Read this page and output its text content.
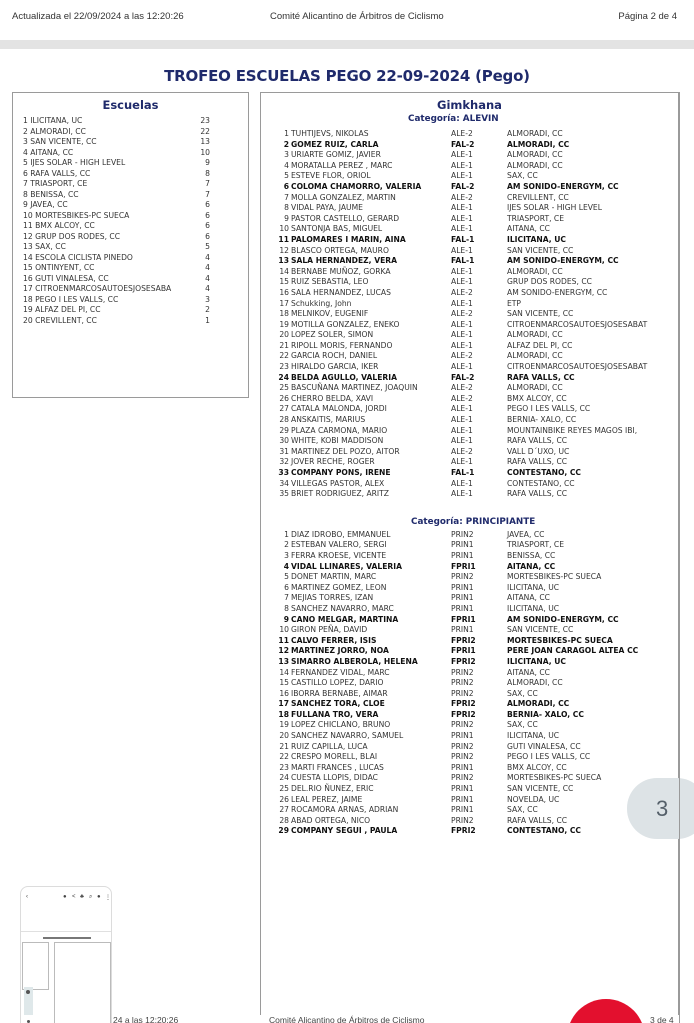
Actualizada el 22/09/2024 a las 12:20:26	Comité Alicantino de Árbitros de Ciclismo	Página 2 de 4
TROFEO ESCUELAS PEGO 22-09-2024 (Pego)
Escuelas
1 ILICITANA, UC	23
2 ALMORADI, CC	22
3 SAN VICENTE, CC	13
4 AITANA, CC	10
5 IJES SOLAR - HIGH LEVEL	9
6 RAFA VALLS, CC	8
7 TRIASPORT, CE	7
8 BENISSA, CC	7
9 JAVEA, CC	6
10 MORTESBIKES-PC SUECA	6
11 BMX ALCOY, CC	6
12 GRUP DOS RODES, CC	6
13 SAX, CC	5
14 ESCOLA CICLISTA PINEDO	4
15 ONTINYENT, CC	4
16 GUTI VINALESA, CC	4
17 CITROENMARCOSAUTOESJOSESABA	4
18 PEGO I LES VALLS, CC	3
19 ALFAZ DEL PI, CC	2
20 CREVILLENT, CC	1
Gimkhana
Categoría: ALEVIN
1 TUHTIJEVS, NIKOLAS	ALE-2	ALMORADI, CC
2 GOMEZ RUIZ, CARLA	FAL-2	ALMORADI, CC
3 URIARTE GOMIZ, JAVIER	ALE-1	ALMORADI, CC
4 MORATALLA PEREZ , MARC	ALE-1	ALMORADI, CC
5 ESTEVE FLOR, ORIOL	ALE-1	SAX, CC
6 COLOMA CHAMORRO, VALERIA	FAL-2	AM SONIDO-ENERGYM, CC
7 MOLLA GONZALEZ, MARTIN	ALE-2	CREVILLENT, CC
8 VIDAL PAYA, JAUME	ALE-1	IJES SOLAR - HIGH LEVEL
9 PASTOR CASTELLO, GERARD	ALE-1	TRIASPORT, CE
10 SANTONJA BAS, MIGUEL	ALE-1	AITANA, CC
11 PALOMARES I MARIN, AINA	FAL-1	ILICITANA, UC
12 BLASCO ORTEGA, MAURO	ALE-1	SAN VICENTE, CC
13 SALA HERNANDEZ, VERA	FAL-1	AM SONIDO-ENERGYM, CC
14 BERNABE MUÑOZ, GORKA	ALE-1	ALMORADI, CC
15 RUIZ SEBASTIA, LEO	ALE-1	GRUP DOS RODES, CC
16 SALA HERNANDEZ, LUCAS	ALE-2	AM SONIDO-ENERGYM, CC
17 Schukking, John	ALE-1	ETP
18 MELNIKOV, EUGENIF	ALE-2	SAN VICENTE, CC
19 MOTILLA GONZALEZ, ENEKO	ALE-1	CITROENMARCOSAUTOESJOSESABAT
20 LOPEZ SOLER, SIMON	ALE-1	ALMORADI, CC
21 RIPOLL MORIS, FERNANDO	ALE-1	ALFAZ DEL PI, CC
22 GARCIA ROCH, DANIEL	ALE-2	ALMORADI, CC
23 HIRALDO GARCIA, IKER	ALE-1	CITROENMARCOSAUTOESJOSESABAT
24 BELDA AGULLO, VALERIA	FAL-2	RAFA VALLS, CC
25 BASCUÑANA MARTINEZ, JOAQUIN	ALE-2	ALMORADI, CC
26 CHERRO BELDA, XAVI	ALE-2	BMX ALCOY, CC
27 CATALA MALONDA, JORDI	ALE-1	PEGO I LES VALLS, CC
28 ANSKAITIS, MARIUS	ALE-1	BERNIA- XALO, CC
29 PLAZA CARMONA, MARIO	ALE-1	MOUNTAINBIKE REYES MAGOS IBI,
30 WHITE, KOBI MADDISON	ALE-1	RAFA VALLS, CC
31 MARTINEZ DEL POZO, AITOR	ALE-2	VALL D´UXO, UC
32 JOVER RECHE, ROGER	ALE-1	RAFA VALLS, CC
33 COMPANY PONS, IRENE	FAL-1	CONTESTANO, CC
34 VILLEGAS PASTOR, ALEX	ALE-1	CONTESTANO, CC
35 BRIET RODRIGUEZ, ARITZ	ALE-1	RAFA VALLS, CC
Categoría: PRINCIPIANTE
1 DIAZ IDROBO, EMMANUEL	PRIN2	JAVEA, CC
2 ESTEBAN VALERO, SERGI	PRIN1	TRIASPORT, CE
3 FERRA KROESE, VICENTE	PRIN1	BENISSA, CC
4 VIDAL LLINARES, VALERIA	FPRI1	AITANA, CC
5 DONET MARTIN, MARC	PRIN2	MORTESBIKES-PC SUECA
6 MARTINEZ GOMEZ, LEON	PRIN1	ILICITANA, UC
7 MEJIAS TORRES, IZAN	PRIN1	AITANA, CC
8 SANCHEZ NAVARRO, MARC	PRIN1	ILICITANA, UC
9 CANO MELGAR, MARTINA	FPRI1	AM SONIDO-ENERGYM, CC
10 GIRON PEÑA, DAVID	PRIN1	SAN VICENTE, CC
11 CALVO FERRER, ISIS	FPRI2	MORTESBIKES-PC SUECA
12 MARTINEZ JORRO, NOA	FPRI1	PERE JOAN CARAGOL ALTEA CC
13 SIMARRO ALBEROLA, HELENA	FPRI2	ILICITANA, UC
14 FERNANDEZ VIDAL, MARC	PRIN2	AITANA, CC
15 CASTILLO LOPEZ, DARIO	PRIN2	ALMORADI, CC
16 IBORRA BERNABE, AIMAR	PRIN2	SAX, CC
17 SANCHEZ TORA, CLOE	FPRI2	ALMORADI, CC
18 FULLANA TRO, VERA	FPRI2	BERNIA- XALO, CC
19 LOPEZ CHICLANO, BRUNO	PRIN2	SAX, CC
20 SANCHEZ NAVARRO, SAMUEL	PRIN1	ILICITANA, UC
21 RUIZ CAPILLA, LUCA	PRIN2	GUTI VINALESA, CC
22 CRESPO MORELL, BLAI	PRIN2	PEGO I LES VALLS, CC
23 MARTI FRANCES , LUCAS	PRIN1	BMX ALCOY, CC
24 CUESTA LLOPIS, DIDAC	PRIN2	MORTESBIKES-PC SUECA
25 DEL.RIO ÑUNEZ, ERIC	PRIN1	SAN VICENTE, CC
26 LEAL PEREZ, JAIME	PRIN1	NOVELDA, UC
27 ROCAMORA ARNAS, ADRIAN	PRIN1	SAX, CC
28 ABAD ORTEGA, NICO	PRIN2	RAFA VALLS, CC
29 COMPANY SEGUI , PAULA	FPRI2	CONTESTANO, CC
3
24 a las 12:20:26	Comité Alicantino de Árbitros de Ciclismo	3 de 4
‹	● < ♣ ⌕ ● ⋮
